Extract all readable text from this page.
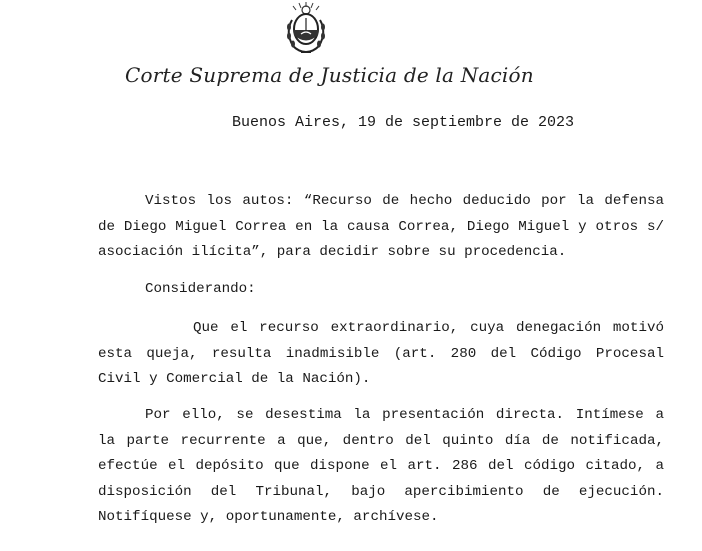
Corte Suprema de Justicia de la Nación
Buenos Aires, 19 de septiembre de 2023

Vistos los autos: “Recurso de hecho deducido por la defensa de Diego Miguel Correa en la causa Correa, Diego Miguel y otros s/ asociación ilícita”, para decidir sobre su procedencia.

Considerando:

Que el recurso extraordinario, cuya denegación motivó esta queja, resulta inadmisible (art. 280 del Código Procesal Civil y Comercial de la Nación).

Por ello, se desestima la presentación directa. Intímese a la parte recurrente a que, dentro del quinto día de notificada, efectúe el depósito que dispone el art. 286 del código citado, a disposición del Tribunal, bajo apercibimiento de ejecución. Notifíquese y, oportunamente, archívese.
